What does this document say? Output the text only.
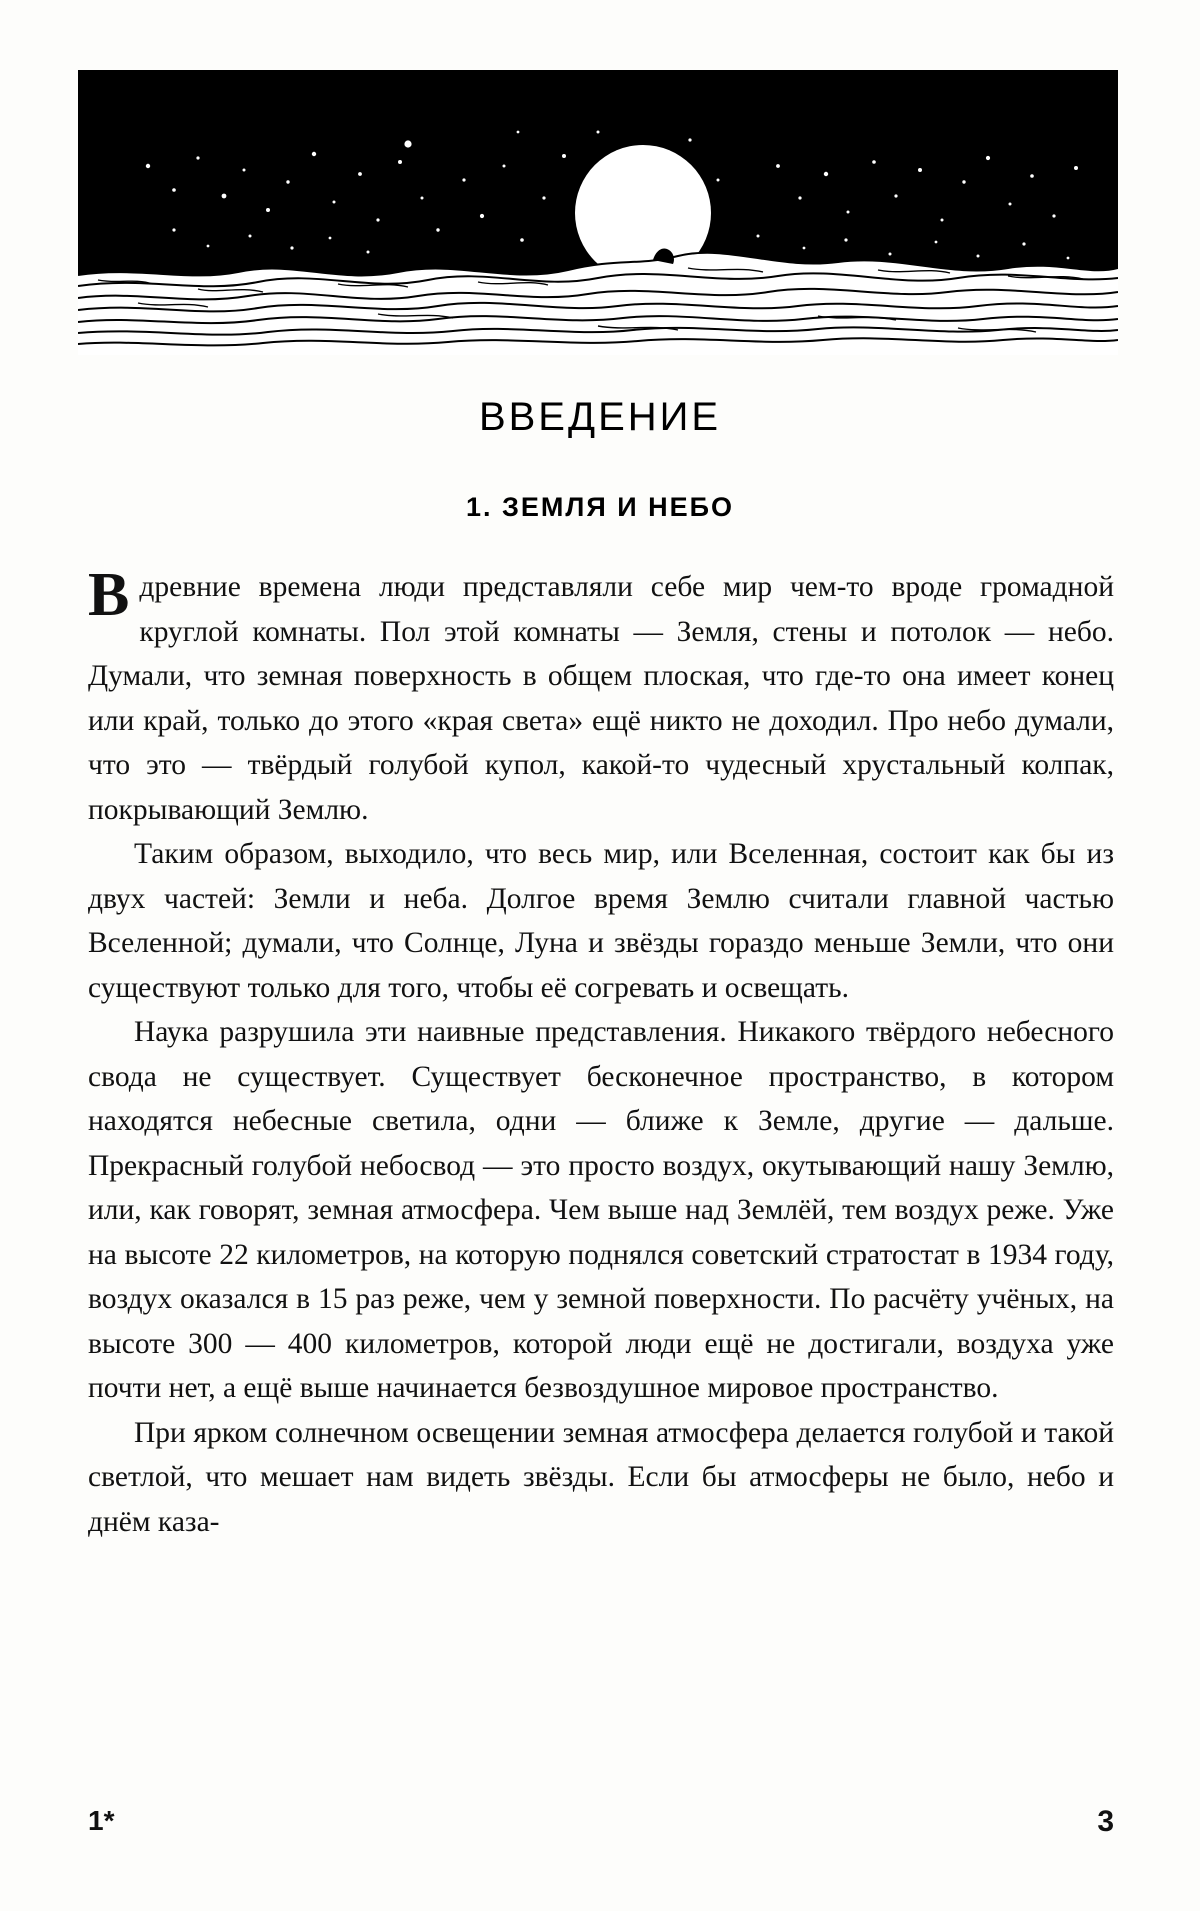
ВВЕДЕНИЕ
1. ЗЕМЛЯ И НЕБО

Вдревние времена люди представляли себе мир чем-то вроде громадной круглой комнаты. Пол этой комнаты — Земля, стены и потолок — небо. Думали, что земная поверхность в общем плоская, что где-то она имеет конец или край, только до этого «края света» ещё никто не доходил. Про небо думали, что это — твёрдый голубой купол, какой-то чудесный хрустальный колпак, покрывающий Землю.

Таким образом, выходило, что весь мир, или Вселенная, состоит как бы из двух частей: Земли и неба. Долгое время Землю считали главной частью Вселенной; думали, что Солнце, Луна и звёзды гораздо меньше Земли, что они существуют только для того, чтобы её согревать и освещать.

Наука разрушила эти наивные представления. Никакого твёрдого небесного свода не существует. Существует бесконечное пространство, в котором находятся небесные светила, одни — ближе к Земле, другие — дальше. Прекрасный голубой небосвод — это просто воздух, окутывающий нашу Землю, или, как говорят, земная атмосфера. Чем выше над Землёй, тем воздух реже. Уже на высоте 22 километров, на которую поднялся советский стратостат в 1934 году, воздух оказался в 15 раз реже, чем у земной поверхности. По расчёту учёных, на высоте 300 — 400 километров, которой люди ещё не достигали, воздуха уже почти нет, а ещё выше начинается безвоздушное мировое пространство.

При ярком солнечном освещении земная атмосфера делается голубой и такой светлой, что мешает нам видеть звёзды. Если бы атмосферы не было, небо и днём каза-

1*	3
